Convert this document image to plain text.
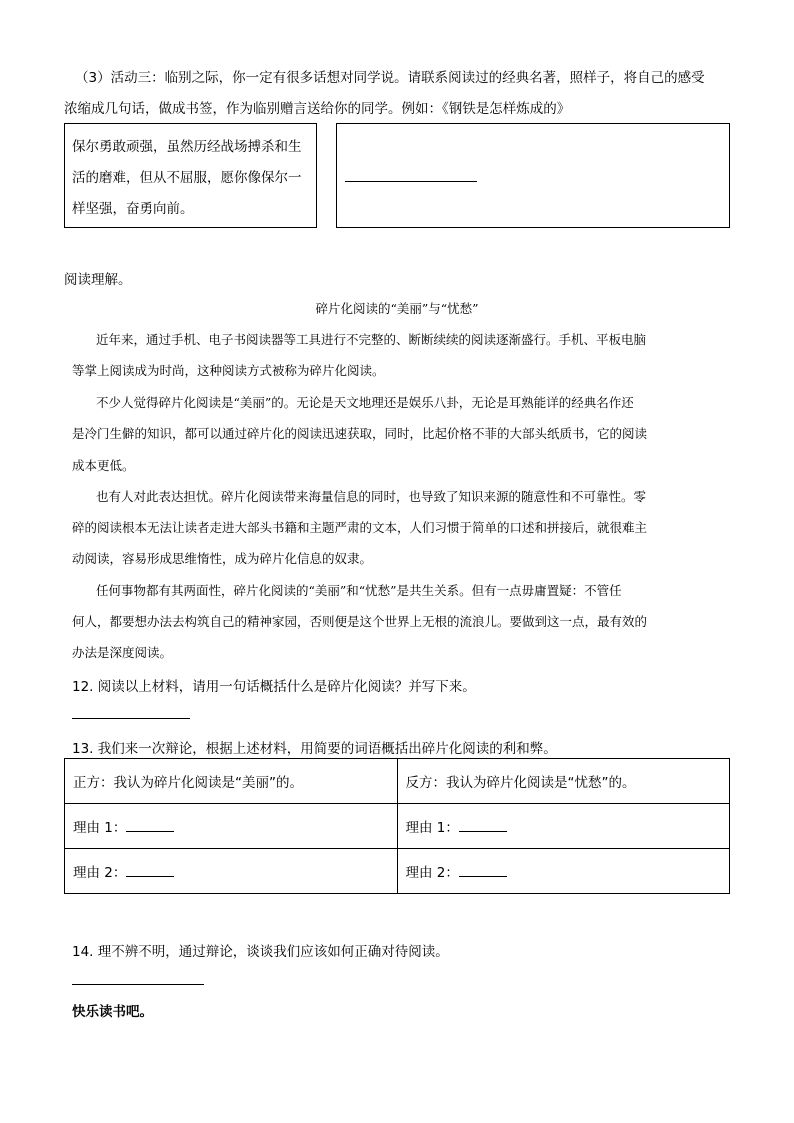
（3）活动三：临别之际，你一定有很多话想对同学说。请联系阅读过的经典名著，照样子，将自己的感受
浓缩成几句话，做成书签，作为临别赠言送给你的同学。例如：《钢铁是怎样炼成的》
保尔勇敢顽强，虽然历经战场搏杀和生活的磨难，但从不屈服，愿你像保尔一样坚强，奋勇向前。
阅读理解。
碎片化阅读的“美丽”与“忧愁”
近年来，通过手机、电子书阅读器等工具进行不完整的、断断续续的阅读逐渐盛行。手机、平板电脑
等掌上阅读成为时尚，这种阅读方式被称为碎片化阅读。
不少人觉得碎片化阅读是“美丽”的。无论是天文地理还是娱乐八卦，无论是耳熟能详的经典名作还
是冷门生僻的知识，都可以通过碎片化的阅读迅速获取，同时，比起价格不菲的大部头纸质书，它的阅读
成本更低。
也有人对此表达担忧。碎片化阅读带来海量信息的同时，也导致了知识来源的随意性和不可靠性。零
碎的阅读根本无法让读者走进大部头书籍和主题严肃的文本，人们习惯于简单的口述和拼接后，就很难主
动阅读，容易形成思维惰性，成为碎片化信息的奴隶。
任何事物都有其两面性，碎片化阅读的“美丽”和“忧愁”是共生关系。但有一点毋庸置疑：不管任
何人，都要想办法去构筑自己的精神家园，否则便是这个世界上无根的流浪儿。要做到这一点，最有效的
办法是深度阅读。
12. 阅读以上材料，请用一句话概括什么是碎片化阅读？并写下来。
13. 我们来一次辩论，根据上述材料，用简要的词语概括出碎片化阅读的利和弊。
正方：我认为碎片化阅读是“美丽”的。	反方：我认为碎片化阅读是“忧愁”的。
理由 1：	理由 1：
理由 2：	理由 2：
14. 理不辨不明，通过辩论，谈谈我们应该如何正确对待阅读。
快乐读书吧。
